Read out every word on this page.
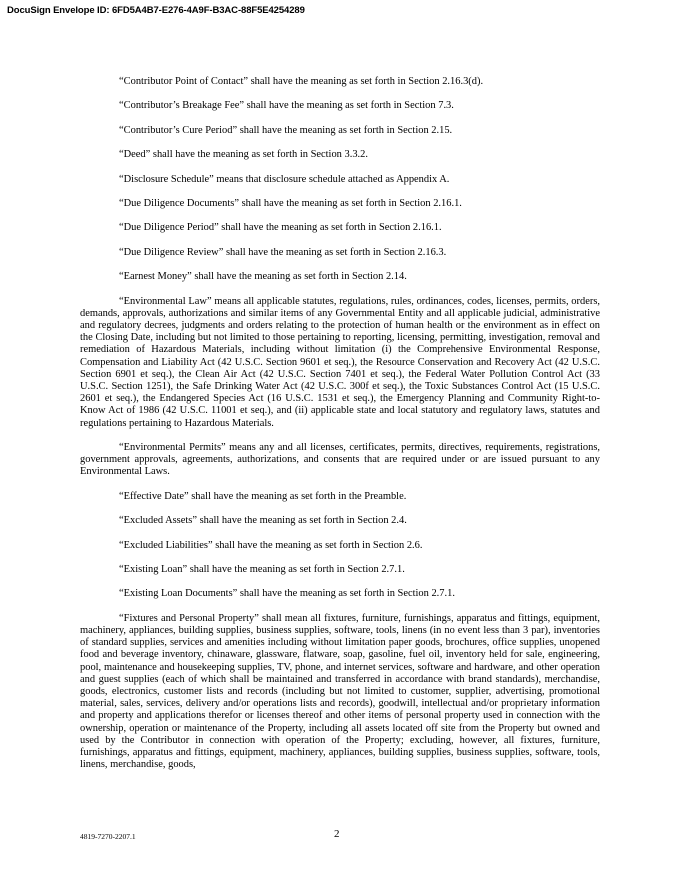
DocuSign Envelope ID: 6FD5A4B7-E276-4A9F-B3AC-88F5E4254289

“Contributor Point of Contact” shall have the meaning as set forth in Section 2.16.3(d).

“Contributor’s Breakage Fee” shall have the meaning as set forth in Section 7.3.

“Contributor’s Cure Period” shall have the meaning as set forth in Section 2.15.

“Deed” shall have the meaning as set forth in Section 3.3.2.

“Disclosure Schedule” means that disclosure schedule attached as Appendix A.

“Due Diligence Documents” shall have the meaning as set forth in Section 2.16.1.

“Due Diligence Period” shall have the meaning as set forth in Section 2.16.1.

“Due Diligence Review” shall have the meaning as set forth in Section 2.16.3.

“Earnest Money” shall have the meaning as set forth in Section 2.14.

“Environmental Law” means all applicable statutes, regulations, rules, ordinances, codes, licenses, permits, orders, demands, approvals, authorizations and similar items of any Governmental Entity and all applicable judicial, administrative and regulatory decrees, judgments and orders relating to the protection of human health or the environment as in effect on the Closing Date, including but not limited to those pertaining to reporting, licensing, permitting, investigation, removal and remediation of Hazardous Materials, including without limitation (i) the Comprehensive Environmental Response, Compensation and Liability Act (42 U.S.C. Section 9601 et seq.), the Resource Conservation and Recovery Act (42 U.S.C. Section 6901 et seq.), the Clean Air Act (42 U.S.C. Section 7401 et seq.), the Federal Water Pollution Control Act (33 U.S.C. Section 1251), the Safe Drinking Water Act (42 U.S.C. 300f et seq.), the Toxic Substances Control Act (15 U.S.C. 2601 et seq.), the Endangered Species Act (16 U.S.C. 1531 et seq.), the Emergency Planning and Community Right-to-Know Act of 1986 (42 U.S.C. 11001 et seq.), and (ii) applicable state and local statutory and regulatory laws, statutes and regulations pertaining to Hazardous Materials.

“Environmental Permits” means any and all licenses, certificates, permits, directives, requirements, registrations, government approvals, agreements, authorizations, and consents that are required under or are issued pursuant to any Environmental Laws.

“Effective Date” shall have the meaning as set forth in the Preamble.

“Excluded Assets” shall have the meaning as set forth in Section 2.4.

“Excluded Liabilities” shall have the meaning as set forth in Section 2.6.

“Existing Loan” shall have the meaning as set forth in Section 2.7.1.

“Existing Loan Documents” shall have the meaning as set forth in Section 2.7.1.

“Fixtures and Personal Property” shall mean all fixtures, furniture, furnishings, apparatus and fittings, equipment, machinery, appliances, building supplies, business supplies, software, tools, linens (in no event less than 3 par), inventories of standard supplies, services and amenities including without limitation paper goods, brochures, office supplies, unopened food and beverage inventory, chinaware, glassware, flatware, soap, gasoline, fuel oil, inventory held for sale, engineering, pool, maintenance and housekeeping supplies, TV, phone, and internet services, software and hardware, and other operation and guest supplies (each of which shall be maintained and transferred in accordance with brand standards), merchandise, goods, electronics, customer lists and records (including but not limited to customer, supplier, advertising, promotional material, sales, services, delivery and/or operations lists and records), goodwill, intellectual and/or proprietary information and property and applications therefor or licenses thereof and other items of personal property used in connection with the ownership, operation or maintenance of the Property, including all assets located off site from the Property but owned and used by the Contributor in connection with operation of the Property; excluding, however, all fixtures, furniture, furnishings, apparatus and fittings, equipment, machinery, appliances, building supplies, business supplies, software, tools, linens, merchandise, goods,

4819-7270-2207.1	2
